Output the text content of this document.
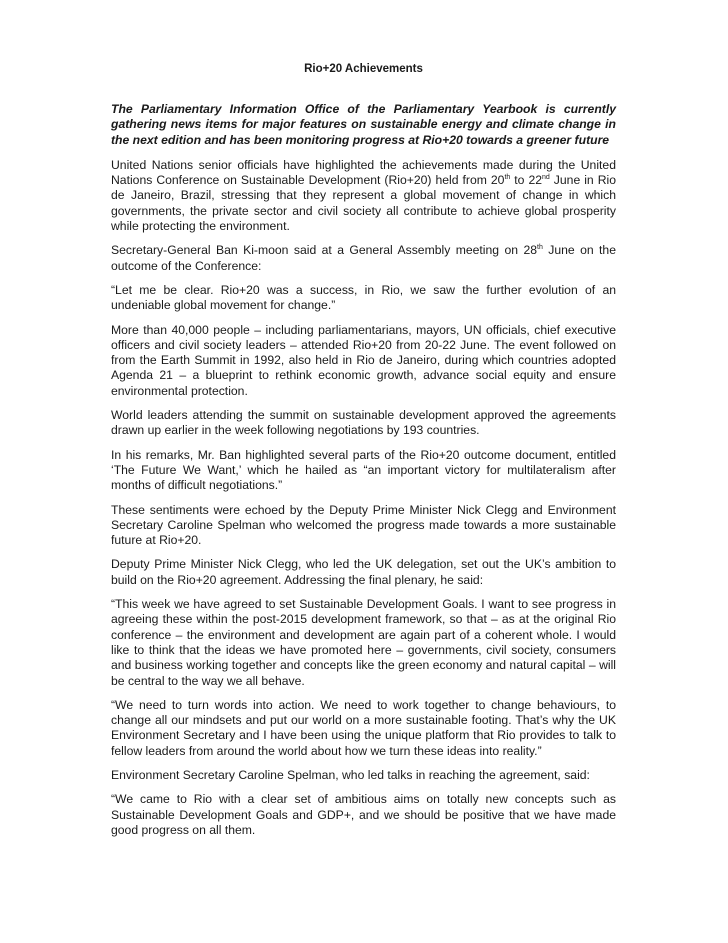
Rio+20 Achievements

The Parliamentary Information Office of the Parliamentary Yearbook is currently gathering news items for major features on sustainable energy and climate change in the next edition and has been monitoring progress at Rio+20 towards a greener future

United Nations senior officials have highlighted the achievements made during the United Nations Conference on Sustainable Development (Rio+20) held from 20th to 22nd June in Rio de Janeiro, Brazil, stressing that they represent a global movement of change in which governments, the private sector and civil society all contribute to achieve global prosperity while protecting the environment.

Secretary-General Ban Ki-moon said at a General Assembly meeting on 28th June on the outcome of the Conference:

“Let me be clear. Rio+20 was a success, in Rio, we saw the further evolution of an undeniable global movement for change.”

More than 40,000 people – including parliamentarians, mayors, UN officials, chief executive officers and civil society leaders – attended Rio+20 from 20-22 June. The event followed on from the Earth Summit in 1992, also held in Rio de Janeiro, during which countries adopted Agenda 21 – a blueprint to rethink economic growth, advance social equity and ensure environmental protection.

World leaders attending the summit on sustainable development approved the agreements drawn up earlier in the week following negotiations by 193 countries.

In his remarks, Mr. Ban highlighted several parts of the Rio+20 outcome document, entitled ‘The Future We Want,’ which he hailed as “an important victory for multilateralism after months of difficult negotiations.”

These sentiments were echoed by the Deputy Prime Minister Nick Clegg and Environment Secretary Caroline Spelman who welcomed the progress made towards a more sustainable future at Rio+20.

Deputy Prime Minister Nick Clegg, who led the UK delegation, set out the UK’s ambition to build on the Rio+20 agreement. Addressing the final plenary, he said:

“This week we have agreed to set Sustainable Development Goals. I want to see progress in agreeing these within the post-2015 development framework, so that – as at the original Rio conference – the environment and development are again part of a coherent whole. I would like to think that the ideas we have promoted here – governments, civil society, consumers and business working together and concepts like the green economy and natural capital – will be central to the way we all behave.

“We need to turn words into action. We need to work together to change behaviours, to change all our mindsets and put our world on a more sustainable footing. That’s why the UK Environment Secretary and I have been using the unique platform that Rio provides to talk to fellow leaders from around the world about how we turn these ideas into reality.”

Environment Secretary Caroline Spelman, who led talks in reaching the agreement, said:

“We came to Rio with a clear set of ambitious aims on totally new concepts such as Sustainable Development Goals and GDP+, and we should be positive that we have made good progress on all them.
